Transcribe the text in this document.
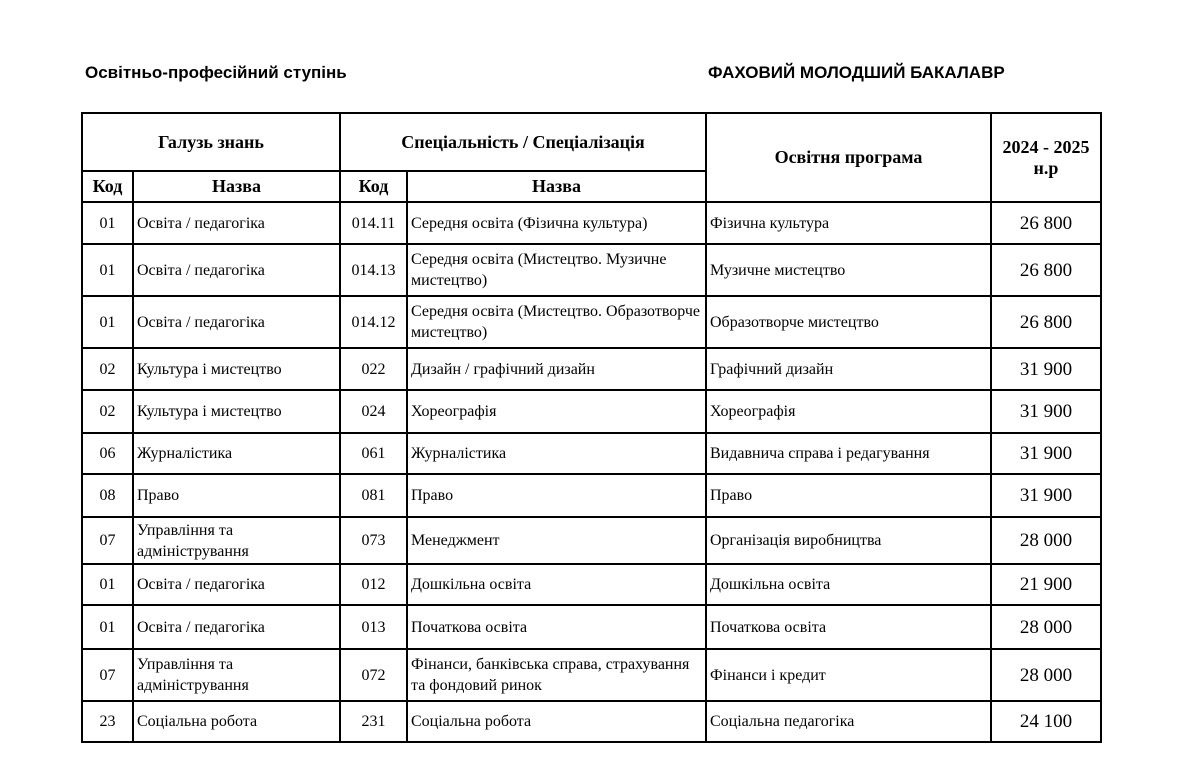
Освітньо-професійний ступінь	ФАХОВИЙ МОЛОДШИЙ БАКАЛАВР
Галузь знань		Спеціальність / Спеціалізація		Освітня програма	2024 - 2025 н.р
Код	Назва	Код	Назва		
01	Освіта / педагогіка	014.11	Середня освіта (Фізична культура)	Фізична культура	26 800
01	Освіта / педагогіка	014.13	Середня освіта (Мистецтво. Музичне мистецтво)	Музичне мистецтво	26 800
01	Освіта / педагогіка	014.12	Середня освіта (Мистецтво. Образотворче мистецтво)	Образотворче мистецтво	26 800
02	Культура і мистецтво	022	Дизайн / графічний дизайн	Графічний дизайн	31 900
02	Культура і мистецтво	024	Хореографія	Хореографія	31 900
06	Журналістика	061	Журналістика	Видавнича справа і редагування	31 900
08	Право	081	Право	Право	31 900
07	Управління та адміністрування	073	Менеджмент	Організація виробництва	28 000
01	Освіта / педагогіка	012	Дошкільна освіта	Дошкільна освіта	21 900
01	Освіта / педагогіка	013	Початкова освіта	Початкова освіта	28 000
07	Управління та адміністрування	072	Фінанси, банківська справа, страхування та фондовий ринок	Фінанси і кредит	28 000
23	Соціальна робота	231	Соціальна робота	Соціальна педагогіка	24 100
